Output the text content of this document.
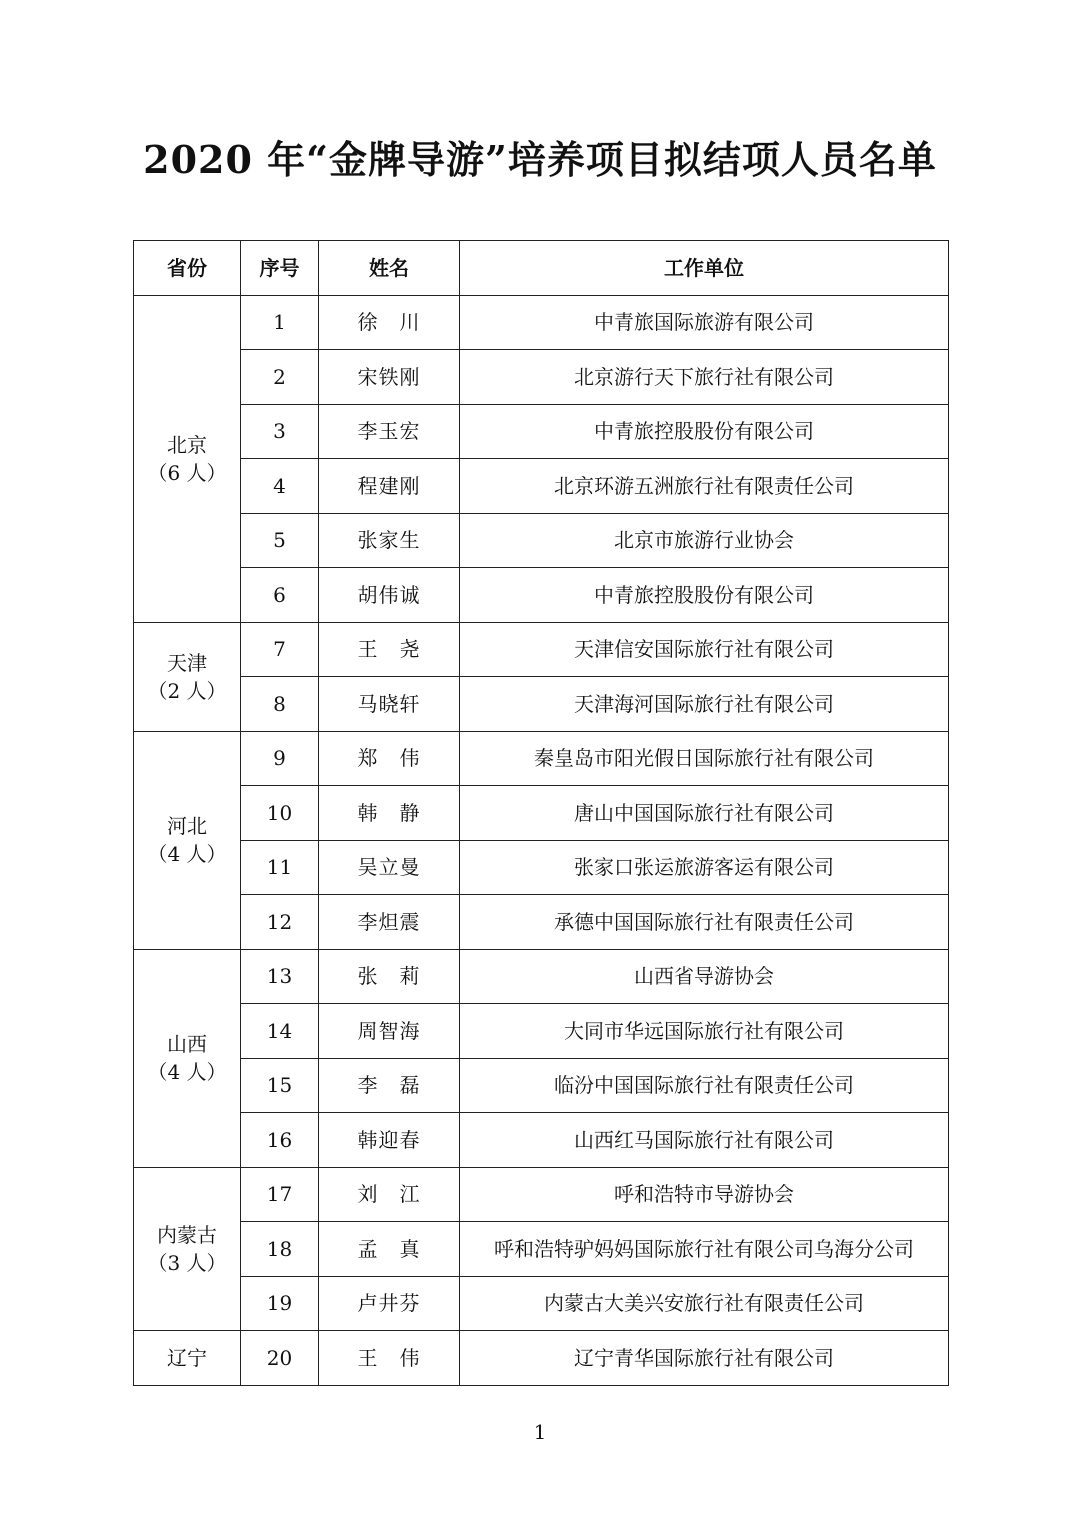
2020 年“金牌导游”培养项目拟结项人员名单
省份	序号	姓名	工作单位

北京
（6 人）	1	徐　川	中青旅国际旅游有限公司
	2	宋铁刚	北京游行天下旅行社有限公司
	3	李玉宏	中青旅控股股份有限公司
	4	程建刚	北京环游五洲旅行社有限责任公司
	5	张家生	北京市旅游行业协会
	6	胡伟诚	中青旅控股股份有限公司

天津
（2 人）	7	王　尧	天津信安国际旅行社有限公司
	8	马晓轩	天津海河国际旅行社有限公司

河北
（4 人）	9	郑　伟	秦皇岛市阳光假日国际旅行社有限公司
	10	韩　静	唐山中国国际旅行社有限公司
	11	吴立曼	张家口张运旅游客运有限公司
	12	李炟震	承德中国国际旅行社有限责任公司

山西
（4 人）	13	张　莉	山西省导游协会
	14	周智海	大同市华远国际旅行社有限公司
	15	李　磊	临汾中国国际旅行社有限责任公司
	16	韩迎春	山西红马国际旅行社有限公司

内蒙古
（3 人）	17	刘　江	呼和浩特市导游协会
	18	孟　真	呼和浩特驴妈妈国际旅行社有限公司乌海分公司
	19	卢井芬	内蒙古大美兴安旅行社有限责任公司

辽宁	20	王　伟	辽宁青华国际旅行社有限公司
1
